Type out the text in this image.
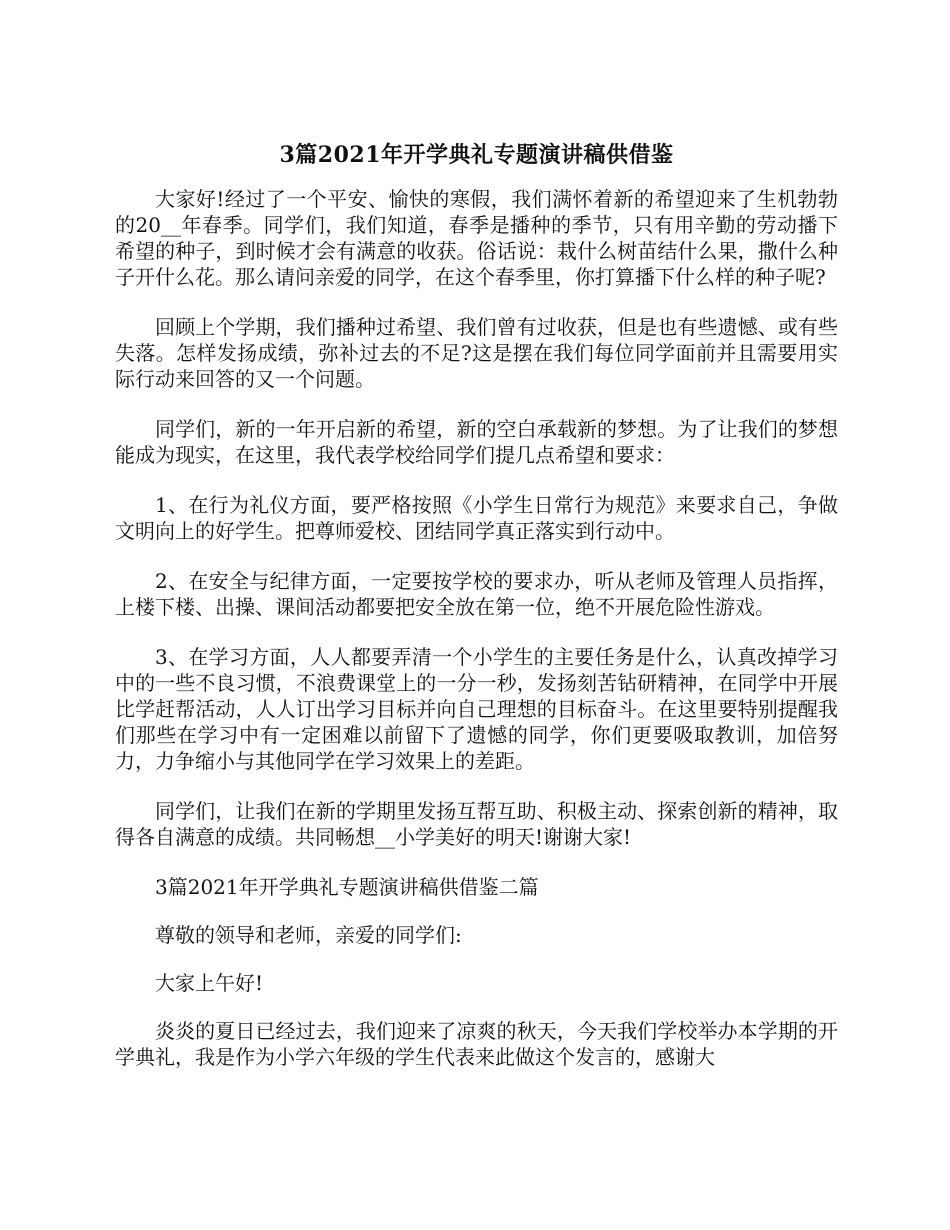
3篇2021年开学典礼专题演讲稿供借鉴

大家好!经过了一个平安、愉快的寒假，我们满怀着新的希望迎来了生机勃勃的20__年春季。同学们，我们知道，春季是播种的季节，只有用辛勤的劳动播下希望的种子，到时候才会有满意的收获。俗话说：栽什么树苗结什么果，撒什么种子开什么花。那么请问亲爱的同学，在这个春季里，你打算播下什么样的种子呢?

回顾上个学期，我们播种过希望、我们曾有过收获，但是也有些遗憾、或有些失落。怎样发扬成绩，弥补过去的不足?这是摆在我们每位同学面前并且需要用实际行动来回答的又一个问题。

同学们，新的一年开启新的希望，新的空白承载新的梦想。为了让我们的梦想能成为现实，在这里，我代表学校给同学们提几点希望和要求：

1、在行为礼仪方面，要严格按照《小学生日常行为规范》来要求自己，争做文明向上的好学生。把尊师爱校、团结同学真正落实到行动中。

2、在安全与纪律方面，一定要按学校的要求办，听从老师及管理人员指挥，上楼下楼、出操、课间活动都要把安全放在第一位，绝不开展危险性游戏。

3、在学习方面，人人都要弄清一个小学生的主要任务是什么，认真改掉学习中的一些不良习惯，不浪费课堂上的一分一秒，发扬刻苦钻研精神，在同学中开展比学赶帮活动，人人订出学习目标并向自己理想的目标奋斗。在这里要特别提醒我们那些在学习中有一定困难以前留下了遗憾的同学，你们更要吸取教训，加倍努力，力争缩小与其他同学在学习效果上的差距。

同学们，让我们在新的学期里发扬互帮互助、积极主动、探索创新的精神，取得各自满意的成绩。共同畅想__小学美好的明天!谢谢大家!

3篇2021年开学典礼专题演讲稿供借鉴二篇

尊敬的领导和老师，亲爱的同学们:

大家上午好!

炎炎的夏日已经过去，我们迎来了凉爽的秋天，今天我们学校举办本学期的开学典礼，我是作为小学六年级的学生代表来此做这个发言的，感谢大
